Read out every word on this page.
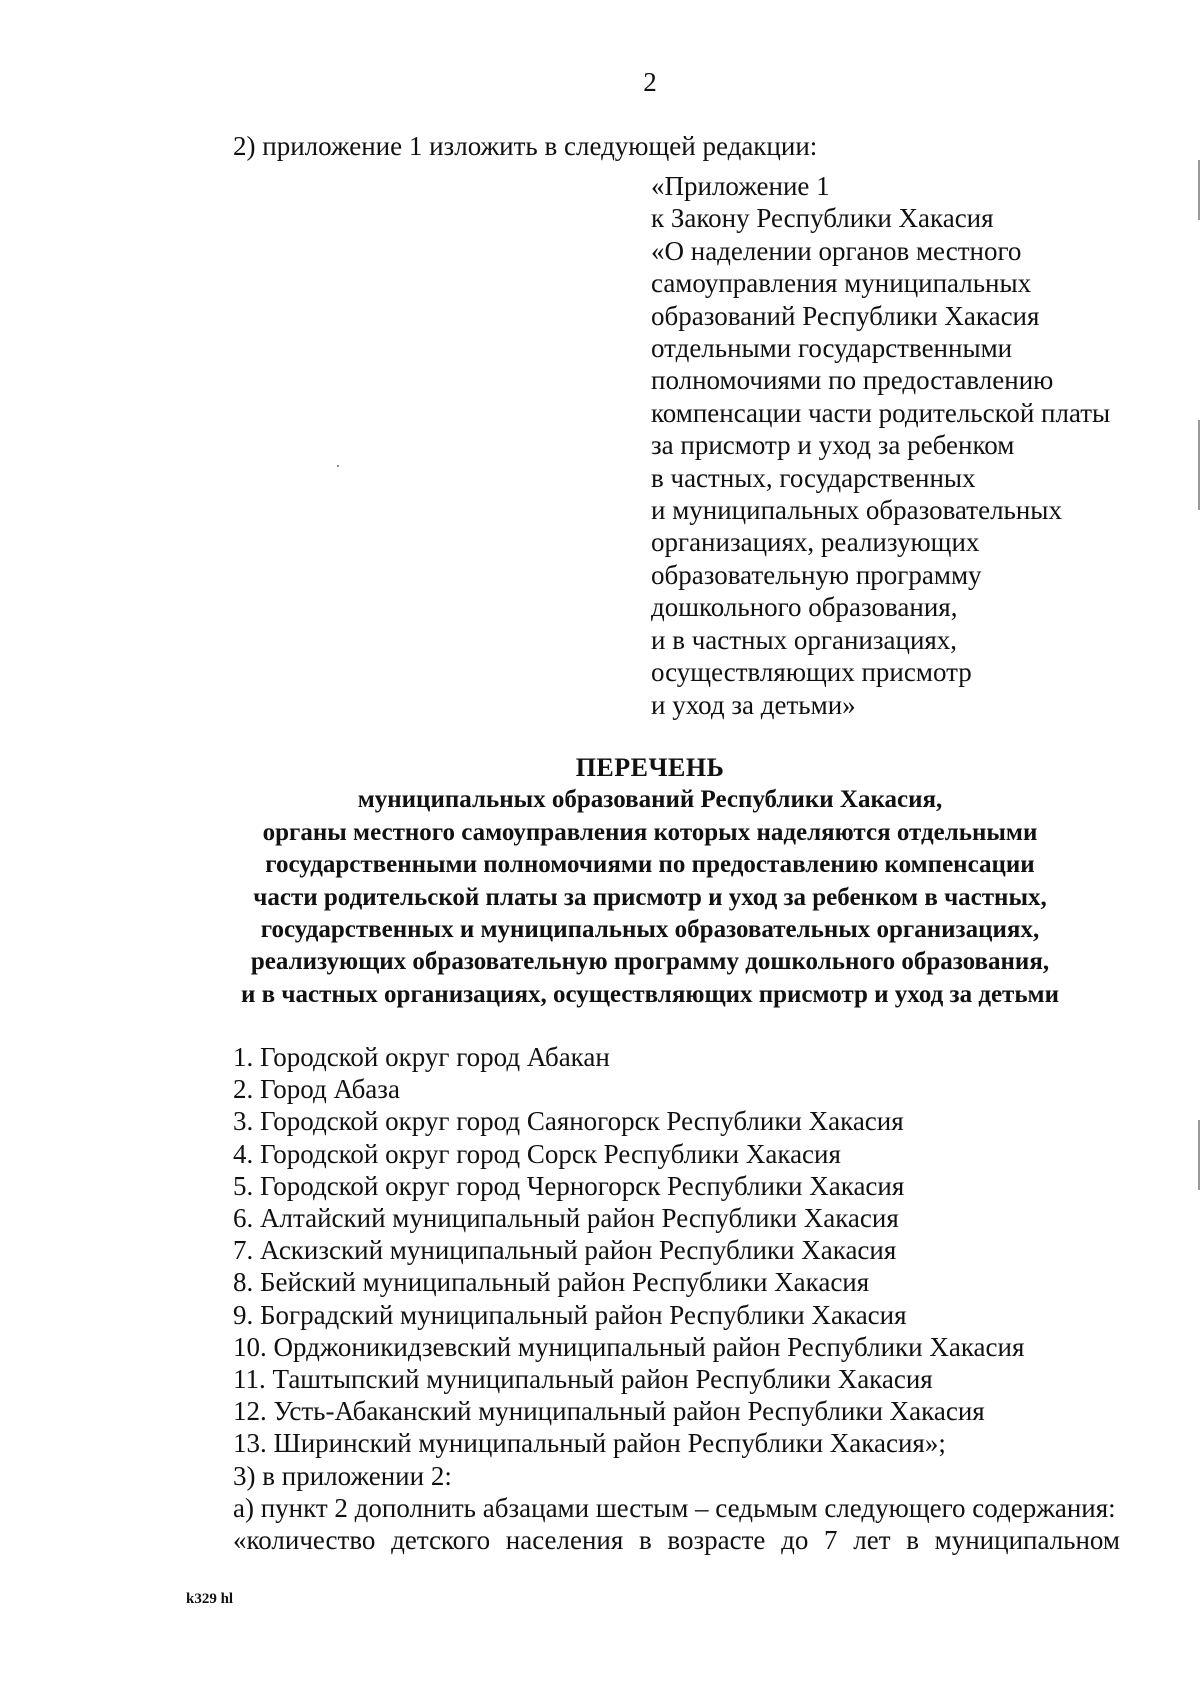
2
2) приложение 1 изложить в следующей редакции:
«Приложение 1
к Закону Республики Хакасия
«О наделении органов местного
самоуправления муниципальных
образований Республики Хакасия
отдельными государственными
полномочиями по предоставлению
компенсации части родительской платы
за присмотр и уход за ребенком
в частных, государственных
и муниципальных образовательных
организациях, реализующих
образовательную программу
дошкольного образования,
и в частных организациях,
осуществляющих присмотр
и уход за детьми»
ПЕРЕЧЕНЬ
муниципальных образований Республики Хакасия,
органы местного самоуправления которых наделяются отдельными
государственными полномочиями по предоставлению компенсации
части родительской платы за присмотр и уход за ребенком в частных,
государственных и муниципальных образовательных организациях,
реализующих образовательную программу дошкольного образования,
и в частных организациях, осуществляющих присмотр и уход за детьми
1. Городской округ город Абакан
2. Город Абаза
3. Городской округ город Саяногорск Республики Хакасия
4. Городской округ город Сорск Республики Хакасия
5. Городской округ город Черногорск Республики Хакасия
6. Алтайский муниципальный район Республики Хакасия
7. Аскизский муниципальный район Республики Хакасия
8. Бейский муниципальный район Республики Хакасия
9. Боградский муниципальный район Республики Хакасия
10. Орджоникидзевский муниципальный район Республики Хакасия
11. Таштыпский муниципальный район Республики Хакасия
12. Усть-Абаканский муниципальный район Республики Хакасия
13. Ширинский муниципальный район Республики Хакасия»;
3) в приложении 2:
а) пункт 2 дополнить абзацами шестым – седьмым следующего содержания:
«количество детского населения в возрасте до 7 лет в муниципальном
k329 hl
